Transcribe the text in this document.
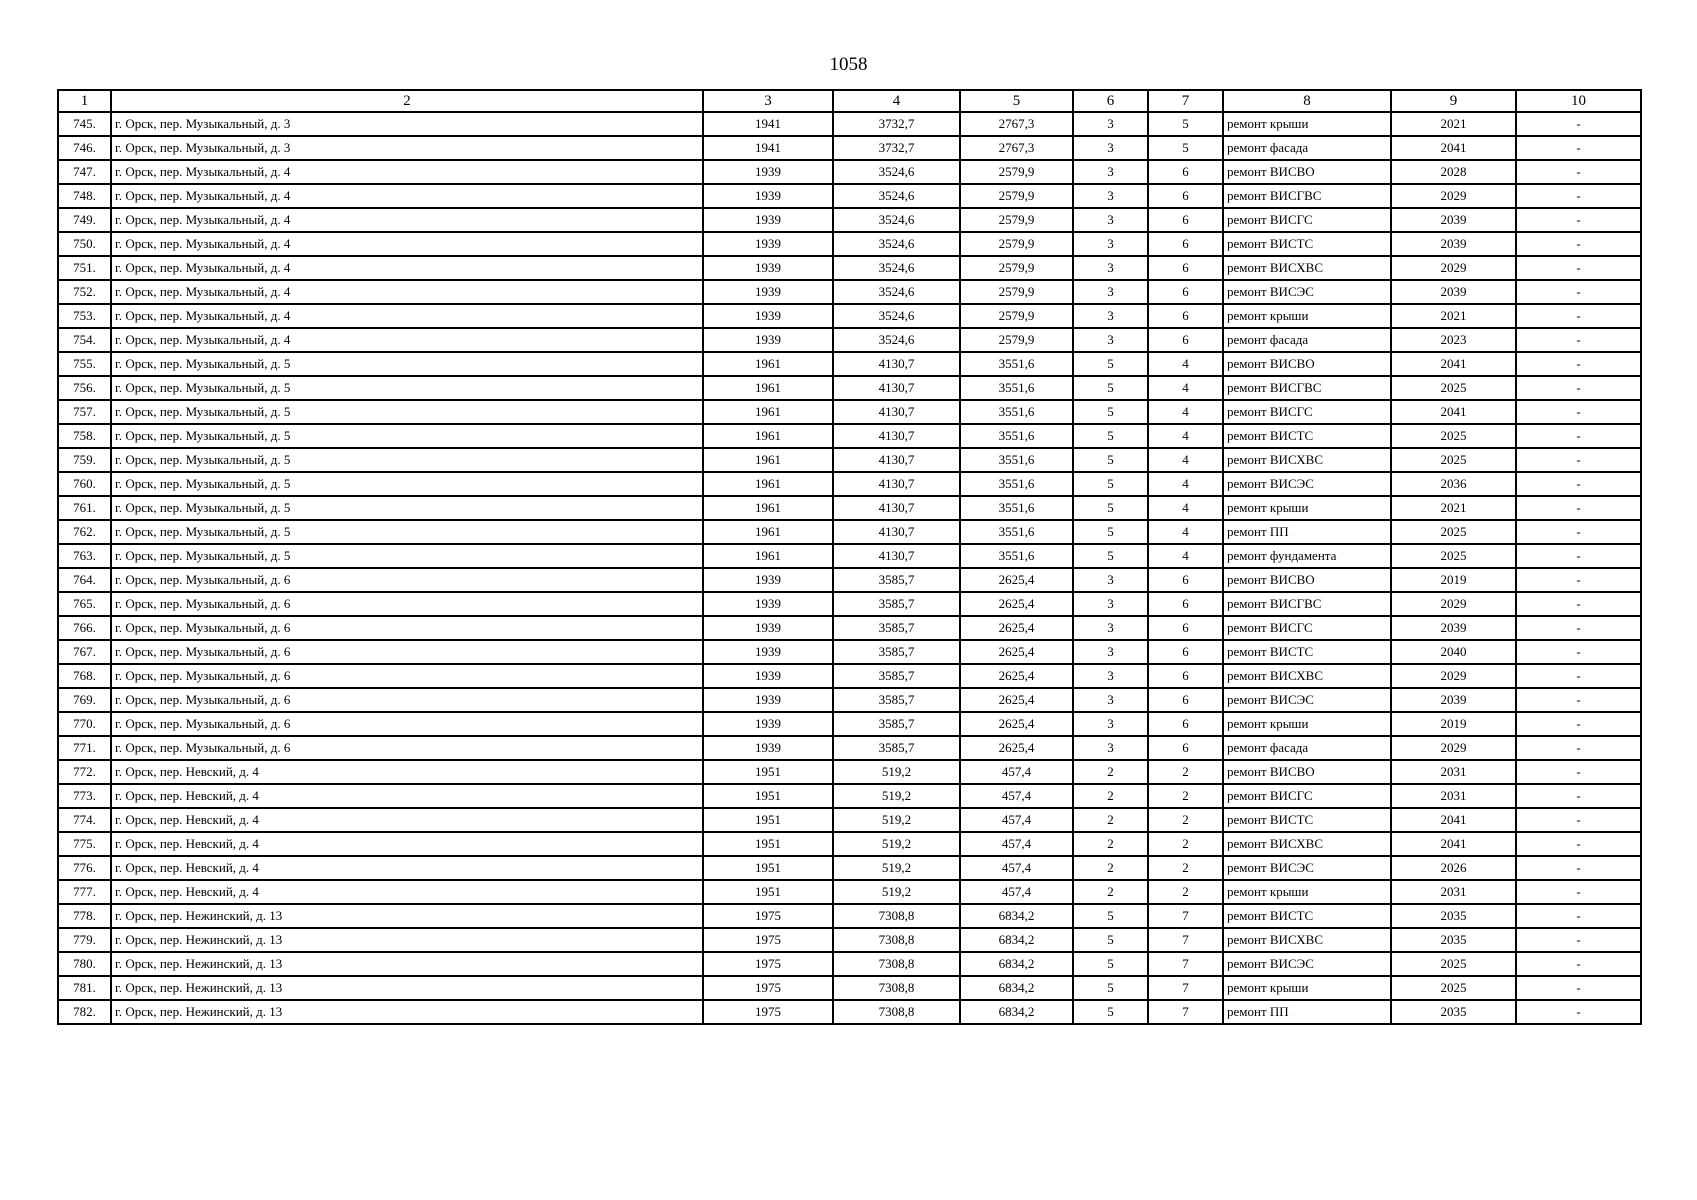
1058
1	2	3	4	5	6	7	8	9	10
745.	г. Орск, пер. Музыкальный, д. 3	1941	3732,7	2767,3	3	5	ремонт крыши	2021	-
746.	г. Орск, пер. Музыкальный, д. 3	1941	3732,7	2767,3	3	5	ремонт фасада	2041	-
747.	г. Орск, пер. Музыкальный, д. 4	1939	3524,6	2579,9	3	6	ремонт ВИСВО	2028	-
748.	г. Орск, пер. Музыкальный, д. 4	1939	3524,6	2579,9	3	6	ремонт ВИСГВС	2029	-
749.	г. Орск, пер. Музыкальный, д. 4	1939	3524,6	2579,9	3	6	ремонт ВИСГС	2039	-
750.	г. Орск, пер. Музыкальный, д. 4	1939	3524,6	2579,9	3	6	ремонт ВИСТС	2039	-
751.	г. Орск, пер. Музыкальный, д. 4	1939	3524,6	2579,9	3	6	ремонт ВИСХВС	2029	-
752.	г. Орск, пер. Музыкальный, д. 4	1939	3524,6	2579,9	3	6	ремонт ВИСЭС	2039	-
753.	г. Орск, пер. Музыкальный, д. 4	1939	3524,6	2579,9	3	6	ремонт крыши	2021	-
754.	г. Орск, пер. Музыкальный, д. 4	1939	3524,6	2579,9	3	6	ремонт фасада	2023	-
755.	г. Орск, пер. Музыкальный, д. 5	1961	4130,7	3551,6	5	4	ремонт ВИСВО	2041	-
756.	г. Орск, пер. Музыкальный, д. 5	1961	4130,7	3551,6	5	4	ремонт ВИСГВС	2025	-
757.	г. Орск, пер. Музыкальный, д. 5	1961	4130,7	3551,6	5	4	ремонт ВИСГС	2041	-
758.	г. Орск, пер. Музыкальный, д. 5	1961	4130,7	3551,6	5	4	ремонт ВИСТС	2025	-
759.	г. Орск, пер. Музыкальный, д. 5	1961	4130,7	3551,6	5	4	ремонт ВИСХВС	2025	-
760.	г. Орск, пер. Музыкальный, д. 5	1961	4130,7	3551,6	5	4	ремонт ВИСЭС	2036	-
761.	г. Орск, пер. Музыкальный, д. 5	1961	4130,7	3551,6	5	4	ремонт крыши	2021	-
762.	г. Орск, пер. Музыкальный, д. 5	1961	4130,7	3551,6	5	4	ремонт ПП	2025	-
763.	г. Орск, пер. Музыкальный, д. 5	1961	4130,7	3551,6	5	4	ремонт фундамента	2025	-
764.	г. Орск, пер. Музыкальный, д. 6	1939	3585,7	2625,4	3	6	ремонт ВИСВО	2019	-
765.	г. Орск, пер. Музыкальный, д. 6	1939	3585,7	2625,4	3	6	ремонт ВИСГВС	2029	-
766.	г. Орск, пер. Музыкальный, д. 6	1939	3585,7	2625,4	3	6	ремонт ВИСГС	2039	-
767.	г. Орск, пер. Музыкальный, д. 6	1939	3585,7	2625,4	3	6	ремонт ВИСТС	2040	-
768.	г. Орск, пер. Музыкальный, д. 6	1939	3585,7	2625,4	3	6	ремонт ВИСХВС	2029	-
769.	г. Орск, пер. Музыкальный, д. 6	1939	3585,7	2625,4	3	6	ремонт ВИСЭС	2039	-
770.	г. Орск, пер. Музыкальный, д. 6	1939	3585,7	2625,4	3	6	ремонт крыши	2019	-
771.	г. Орск, пер. Музыкальный, д. 6	1939	3585,7	2625,4	3	6	ремонт фасада	2029	-
772.	г. Орск, пер. Невский, д. 4	1951	519,2	457,4	2	2	ремонт ВИСВО	2031	-
773.	г. Орск, пер. Невский, д. 4	1951	519,2	457,4	2	2	ремонт ВИСГС	2031	-
774.	г. Орск, пер. Невский, д. 4	1951	519,2	457,4	2	2	ремонт ВИСТС	2041	-
775.	г. Орск, пер. Невский, д. 4	1951	519,2	457,4	2	2	ремонт ВИСХВС	2041	-
776.	г. Орск, пер. Невский, д. 4	1951	519,2	457,4	2	2	ремонт ВИСЭС	2026	-
777.	г. Орск, пер. Невский, д. 4	1951	519,2	457,4	2	2	ремонт крыши	2031	-
778.	г. Орск, пер. Нежинский, д. 13	1975	7308,8	6834,2	5	7	ремонт ВИСТС	2035	-
779.	г. Орск, пер. Нежинский, д. 13	1975	7308,8	6834,2	5	7	ремонт ВИСХВС	2035	-
780.	г. Орск, пер. Нежинский, д. 13	1975	7308,8	6834,2	5	7	ремонт ВИСЭС	2025	-
781.	г. Орск, пер. Нежинский, д. 13	1975	7308,8	6834,2	5	7	ремонт крыши	2025	-
782.	г. Орск, пер. Нежинский, д. 13	1975	7308,8	6834,2	5	7	ремонт ПП	2035	-
